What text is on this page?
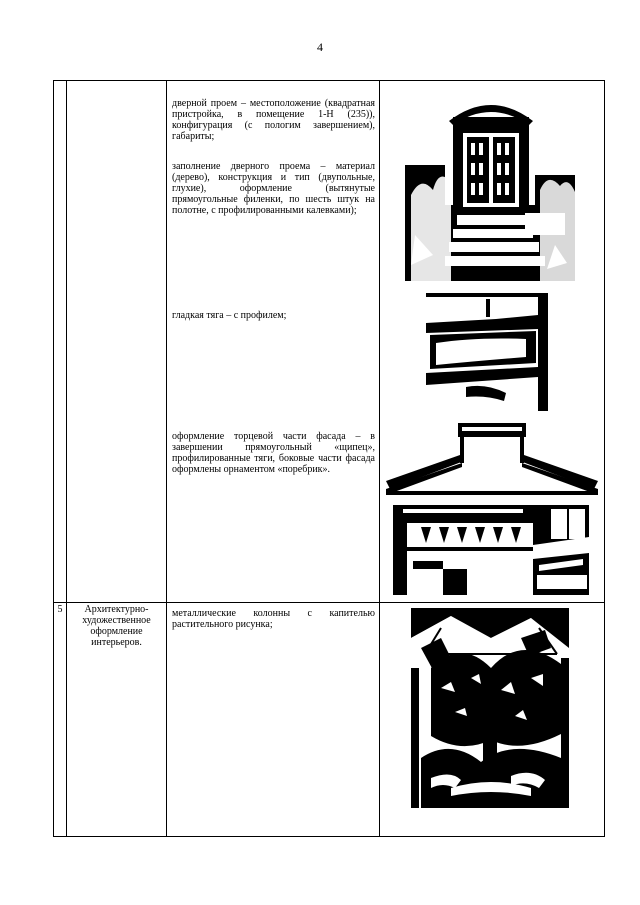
4

		дверной проем – местоположение (квадратная пристройка, в помещение 1-Н (235)), конфигурация (с пологим завершением), габариты;

заполнение дверного проема – материал (дерево), конструкция и тип (двупольные, глухие), оформление (вытянутые прямоугольные филенки, по шесть штук на полотне, с профилированными калевками);

гладкая тяга – с профилем;

оформление торцевой части фасада – в завершении прямоугольный «щипец», профилированные тяги, боковые части фасада оформлены орнаментом «поребрик».

5	Архитектурно-художественное оформление интерьеров.	металлические колонны с капителью растительного рисунка;
